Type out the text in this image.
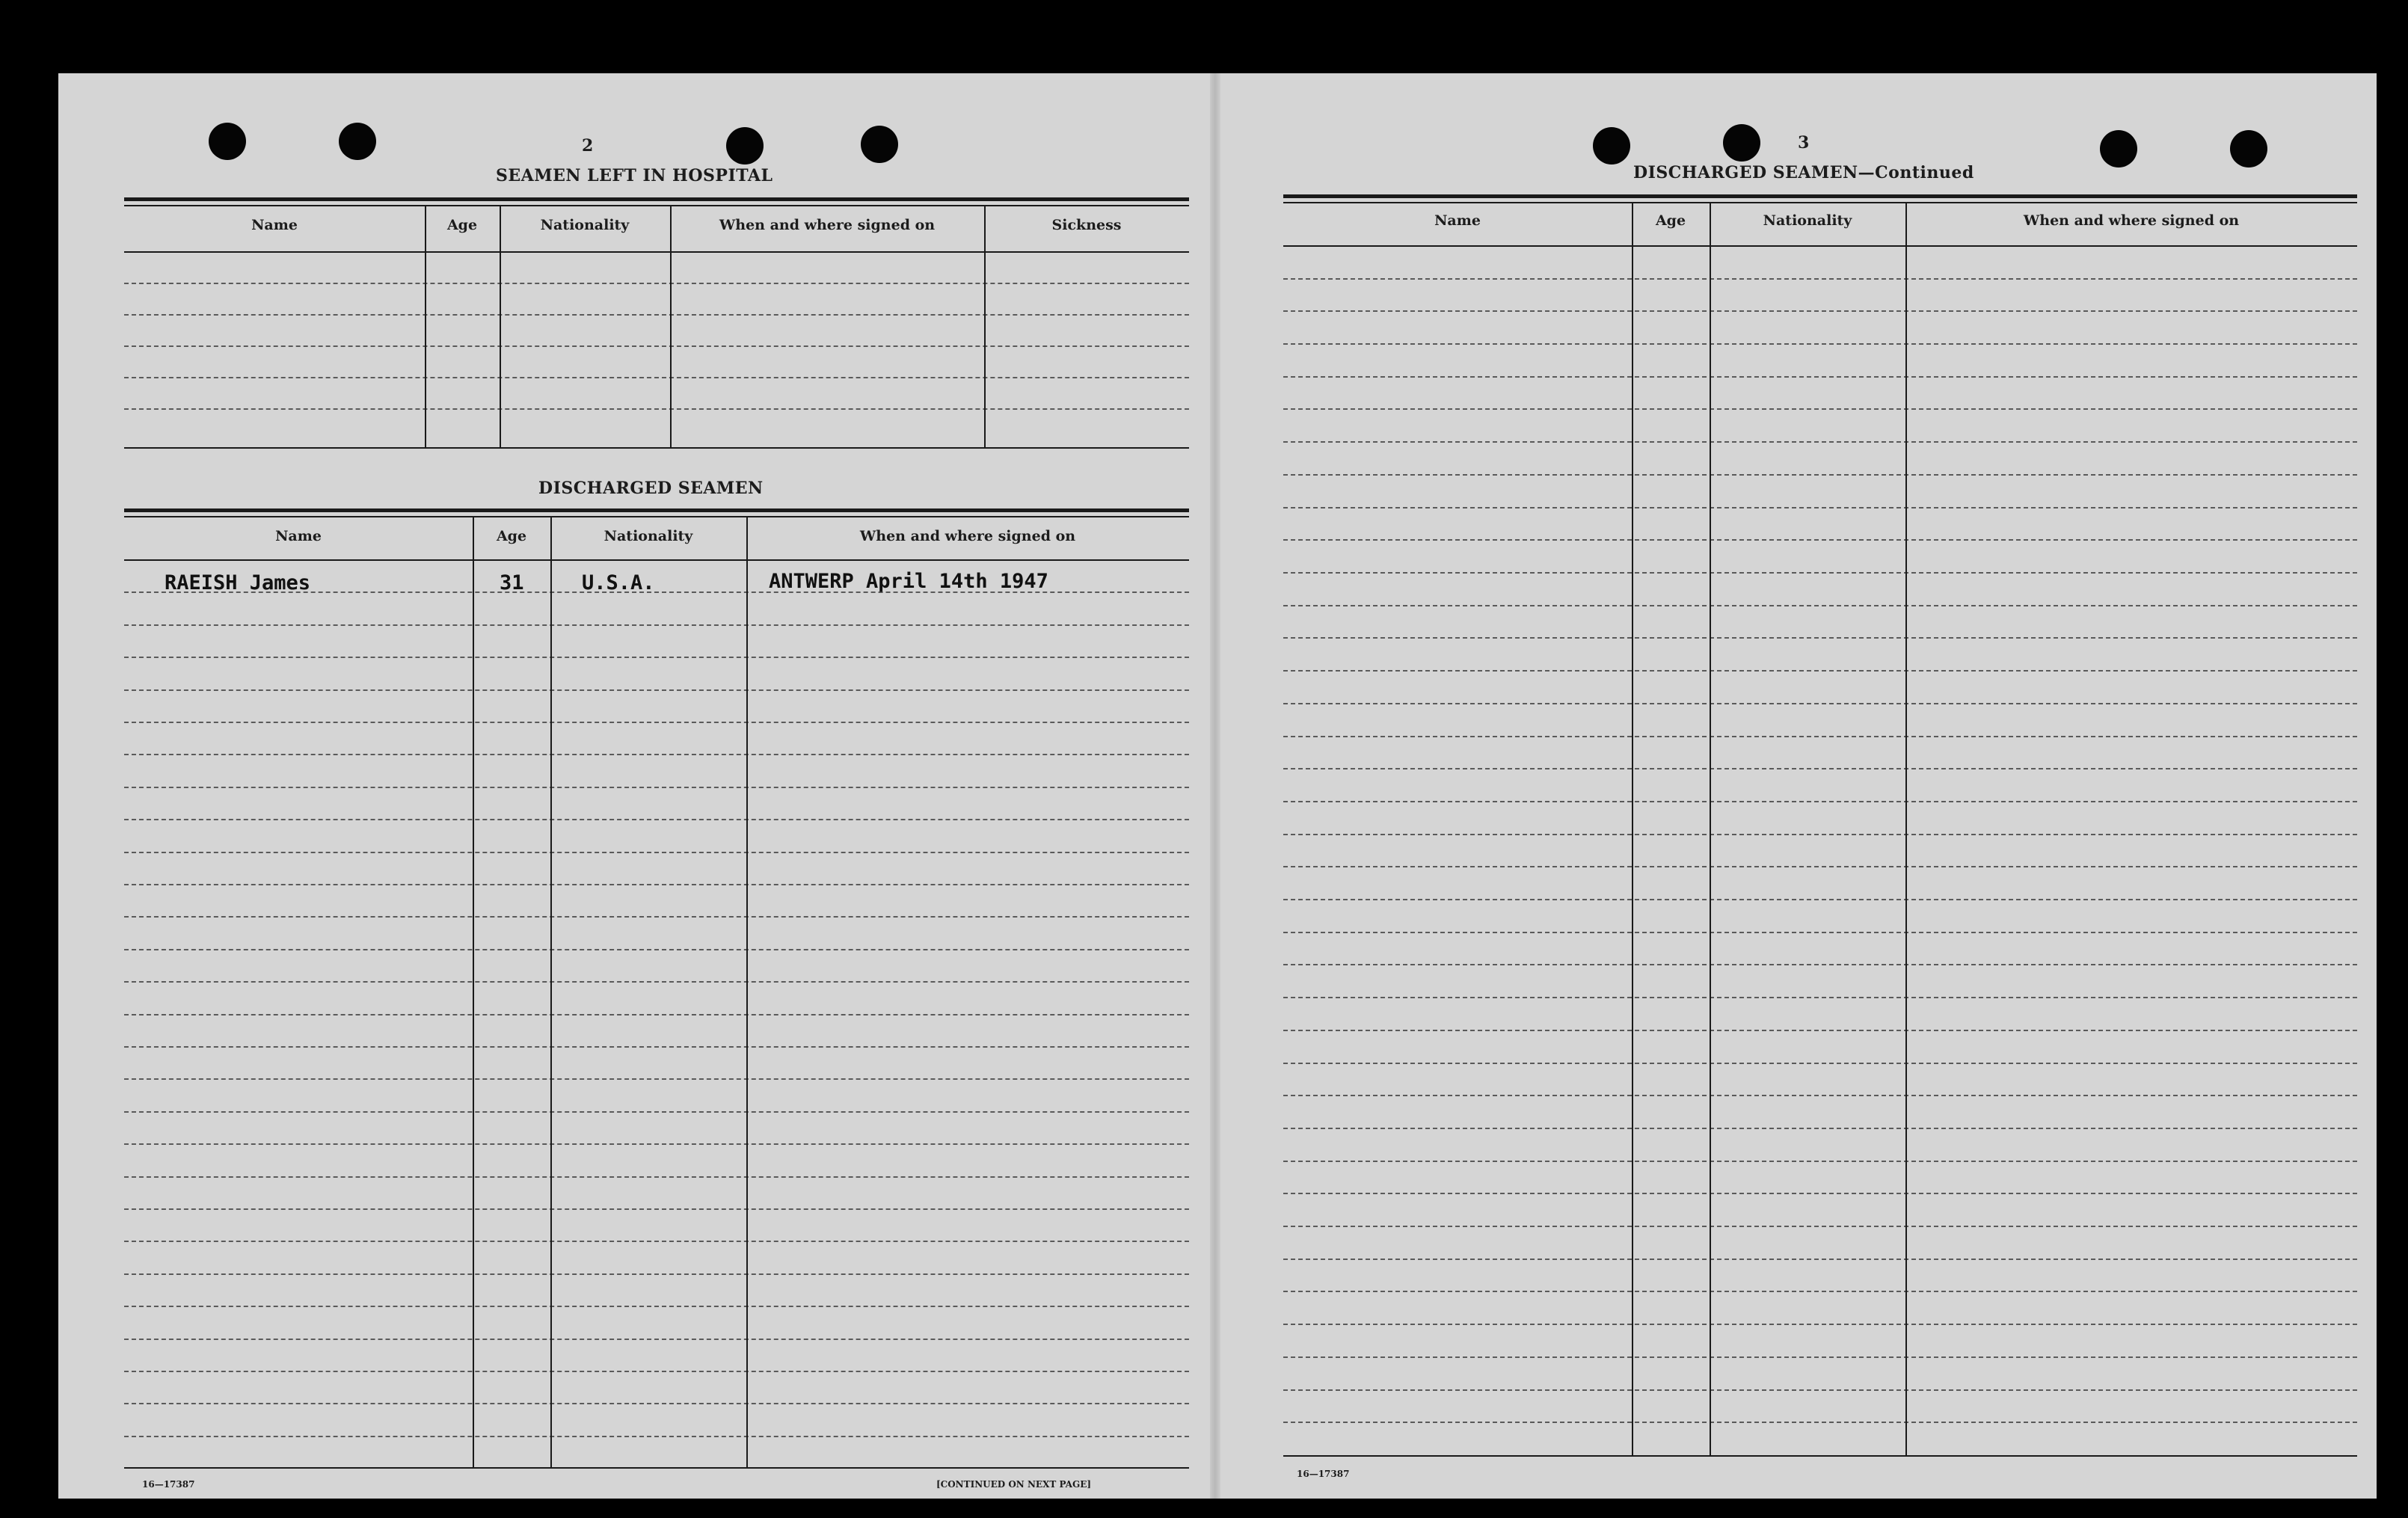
2
SEAMEN LEFT IN HOSPITAL
Name	Age	Nationality	When and where signed on	Sickness
DISCHARGED SEAMEN
Name	Age	Nationality	When and where signed on
RAEISH James	31	U.S.A.	ANTWERP April 14th 1947
16—17387	[CONTINUED ON NEXT PAGE]
3
DISCHARGED SEAMEN—Continued
Name	Age	Nationality	When and where signed on
16—17387
